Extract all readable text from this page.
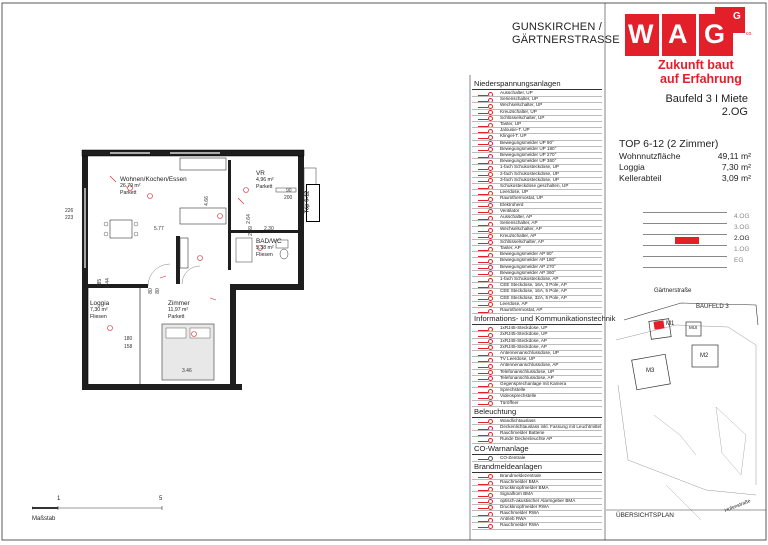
GUNSKIRCHEN /
GÄRTNERSTRASSE W A G
G
co.
Zukunft baut
auf Erfahrung
Baufeld 3 I Miete
2.OG
TOP 6-12 (2 Zimmer)
Wohnnutzfläche	49,11 m²
Loggia	7,30 m²
Kellerabteil	3,09 m²
4.OG
3.OG
2.OG
1.OG
EG
Gärtnerstraße
BAUFELD 3
M1
MUI
M2
M3
ÜBERSICHTSPLAN
Hofenstraße
1	5
Maßstab
Wohnen/Kochen/Essen
26,79 m²
Parkett
VR
4,96 m²
Parkett
BAD/WC
5,38 m²
Fliesen
Zimmer
11,97 m²
Parkett
Loggia
7,30 m²
Fliesen
Top 6-12
226
223
5.77
4.66
2.30
2.64
90
200
80 80
180
158
185 2.44
3.46
2.49
Niederspannungsanlagen
Ausschalter, UP
Serienschalter, UP
Wechselschalter, UP
Kreuzschalter, UP
Schlüsselschalter, UP
Taster, UP
Jalousie-T. UP
Klingel-T. UP
Bewegungsmelder UP 90°
Bewegungsmelder UP 180°
Bewegungsmelder UP 270°
Bewegungsmelder UP 360°
1-fach Schukosteckdose, UP
2-fach Schukosteckdose, UP
3-fach Schukosteckdose, UP
Schukosteckdose geschalten, UP
Leerdose, UP
Raumthermostat, UP
Elektroherd
Ventilator
Ausschalter, AP
Serienschalter, AP
Wechselschalter, AP
Kreuzschalter, AP
Schlüsselschalter, AP
Taster, AP
Bewegungsmelder AP 90°
Bewegungsmelder AP 180°
Bewegungsmelder AP 270°
Bewegungsmelder AP 360°
1-fach Schukosteckdose, AP
CEE Steckdose, 16A, 3 Pole, AP
CEE Steckdose, 16A, 5 Pole, AP
CEE Steckdose, 32A, 5 Pole, AP
Leerdose, AP
Raumthermostat, AP
Informations- und Kommunikationstechnik
1xRJ45-Steckdose, UP
2xRJ45-Steckdose, UP
1xRJ45-Steckdose, AP
2xRJ45-Steckdose, AP
Antennenanschlussdose, UP
TV Leerdose, UP
Antennenanschlussdose, AP
Telefonanschlussdose, UP
Telefonanschlussdose, AP
Gegensprechanlage mit Kamera
Sprechstelle
Videosprechstelle
Türöffner
Beleuchtung
Wandlichtauslass
Deckenlichtauslass inkl. Fassung mit Leuchtmittel
Rauchmelder Batterie
Runde Deckenleuchte AP
CO-Warnanlage
CO-Zentrale
Brandmeldeanlagen
Brandmeldezentrale
Rauchmelder BMA
Druckknopfmelder BMA
Signalhorn BMA
optisch-akustischer Alarmgeber BMA
Druckknopfmelder RWA
Rauchmelder RWA
Antrieb RWA
Rauchmelder RWA
